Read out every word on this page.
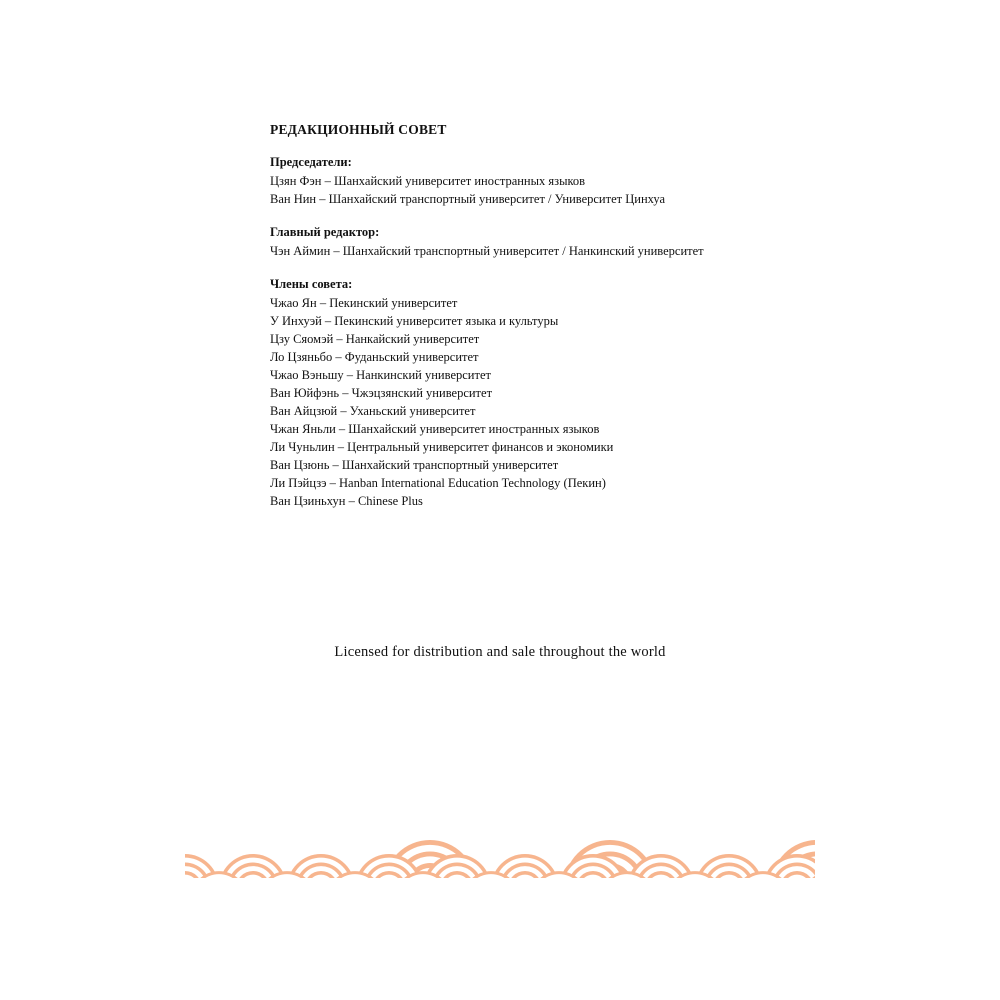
РЕДАКЦИОННЫЙ СОВЕТ
Председатели:
Цзян Фэн – Шанхайский университет иностранных языков
Ван Нин – Шанхайский транспортный университет / Университет Цинхуа
Главный редактор:
Чэн Аймин – Шанхайский транспортный университет / Нанкинский университет
Члены совета:
Чжао Ян – Пекинский университет
У Инхуэй – Пекинский университет языка и культуры
Цзу Сяомэй – Нанкайский университет
Ло Цзяньбо – Фуданьский университет
Чжао Вэньшу – Нанкинский университет
Ван Юйфэнь – Чжэцзянский университет
Ван Айцзюй – Уханьский университет
Чжан Яньли – Шанхайский университет иностранных языков
Ли Чуньлин – Центральный университет финансов и экономики
Ван Цзюнь – Шанхайский транспортный университет
Ли Пэйцзэ – Hanban International Education Technology (Пекин)
Ван Цзиньхун – Chinese Plus
Licensed for distribution and sale throughout the world
